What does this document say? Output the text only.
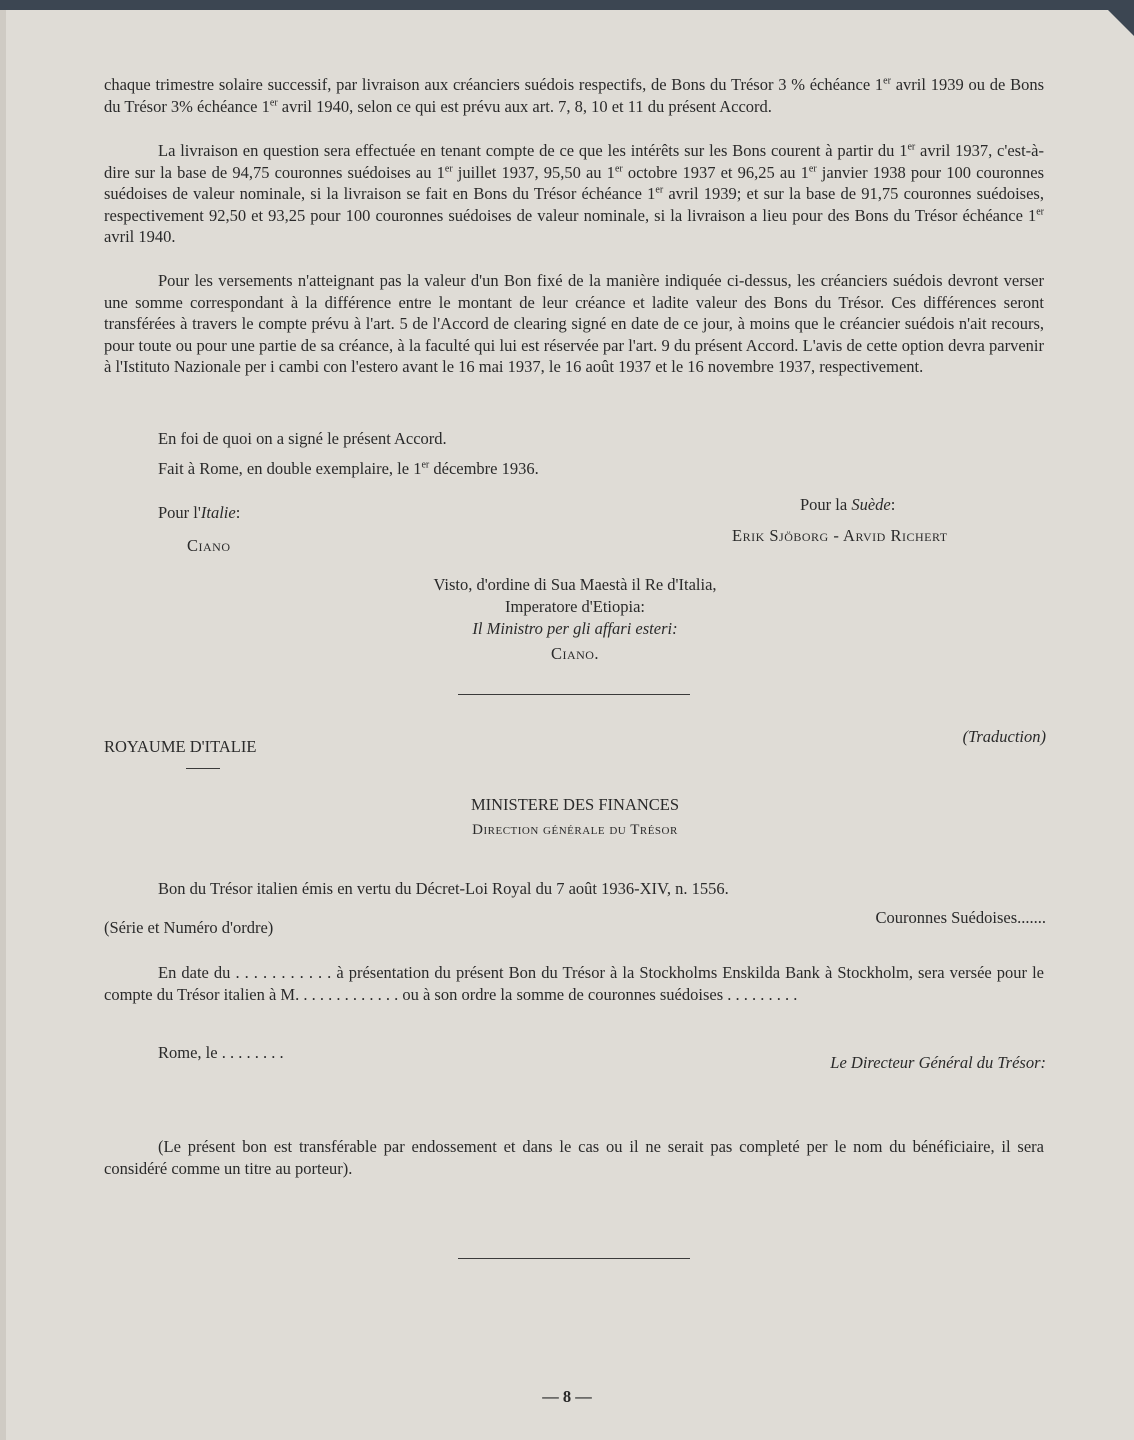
chaque trimestre solaire successif, par livraison aux créanciers suédois respectifs, de Bons du Trésor 3 % échéance 1er avril 1939 ou de Bons du Trésor 3% échéance 1er avril 1940, selon ce qui est prévu aux art. 7, 8, 10 et 11 du présent Accord.

La livraison en question sera effectuée en tenant compte de ce que les intérêts sur les Bons courent à partir du 1er avril 1937, c'est-à-dire sur la base de 94,75 couronnes suédoises au 1er juillet 1937, 95,50 au 1er octobre 1937 et 96,25 au 1er janvier 1938 pour 100 couronnes suédoises de valeur nominale, si la livraison se fait en Bons du Trésor échéance 1er avril 1939; et sur la base de 91,75 couronnes suédoises, respectivement 92,50 et 93,25 pour 100 couronnes suédoises de valeur nominale, si la livraison a lieu pour des Bons du Trésor échéance 1er avril 1940.

Pour les versements n'atteignant pas la valeur d'un Bon fixé de la manière indiquée ci-dessus, les créanciers suédois devront verser une somme correspondant à la différence entre le montant de leur créance et ladite valeur des Bons du Trésor. Ces différences seront transférées à travers le compte prévu à l'art. 5 de l'Accord de clearing signé en date de ce jour, à moins que le créancier suédois n'ait recours, pour toute ou pour une partie de sa créance, à la faculté qui lui est réservée par l'art. 9 du présent Accord. L'avis de cette option devra parvenir à l'Istituto Nazionale per i cambi con l'estero avant le 16 mai 1937, le 16 août 1937 et le 16 novembre 1937, respectivement.

En foi de quoi on a signé le présent Accord.

Fait à Rome, en double exemplaire, le 1er décembre 1936.

Pour l'Italie:

Ciano

Pour la Suède:

Erik Sjöborg - Arvid Richert

Visto, d'ordine di Sua Maestà il Re d'Italia,

Imperatore d'Etiopia:

Il Ministro per gli affari esteri:

Ciano.

ROYAUME D'ITALIE

(Traduction)

MINISTERE DES FINANCES

Direction générale du Trésor

Bon du Trésor italien émis en vertu du Décret-Loi Royal du 7 août 1936-XIV, n. 1556.

(Série et Numéro d'ordre)

Couronnes Suédoises.......

En date du . . . . . . . . . . . à présentation du présent Bon du Trésor à la Stockholms Enskilda Bank à Stockholm, sera versée pour le compte du Trésor italien à M. . . . . . . . . . . . . ou à son ordre la somme de couronnes suédoises . . . . . . . . .

Rome, le . . . . . . . .

Le Directeur Général du Trésor:

(Le présent bon est transférable par endossement et dans le cas ou il ne serait pas completé per le nom du bénéficiaire, il sera considéré comme un titre au porteur).

— 8 —
